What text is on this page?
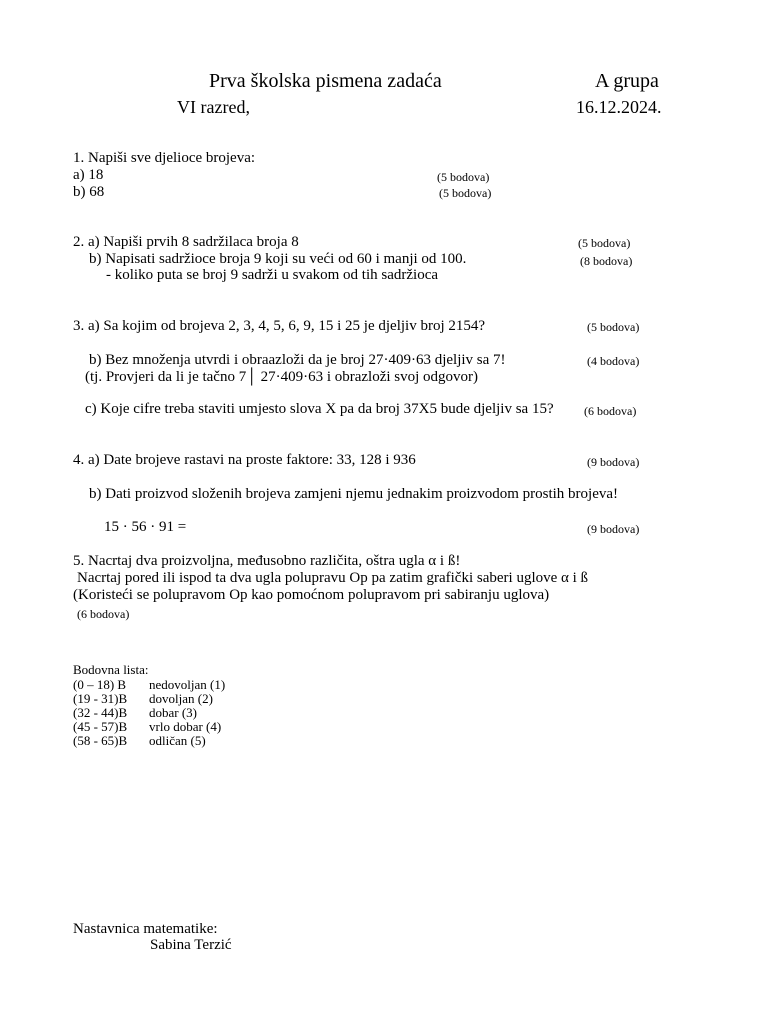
Prva školska pismena zadaća	A grupa
VI razred,	16.12.2024.
1. Napiši sve djelioce brojeva:
a) 18	(5 bodova)
b) 68	(5 bodova)
2. a) Napiši prvih 8 sadržilaca broja 8	(5 bodova)
b) Napisati sadržioce broja 9 koji su veći od 60 i manji od 100.	(8 bodova)
- koliko puta se broj 9 sadrži u svakom od tih sadržioca
3. a) Sa kojim od brojeva 2, 3, 4, 5, 6, 9, 15 i 25 je djeljiv broj 2154?	(5 bodova)
b) Bez množenja utvrdi i obraazloži da je broj 27·409·63 djeljiv sa 7!	(4 bodova)
(tj. Provjeri da li je tačno 7│ 27·409·63 i obrazloži svoj odgovor)
c) Koje cifre treba staviti umjesto slova X pa da broj 37X5 bude djeljiv sa 15?	(6 bodova)
4. a) Date brojeve rastavi na proste faktore: 33, 128 i 936	(9 bodova)
b) Dati proizvod složenih brojeva zamjeni njemu jednakim proizvodom prostih brojeva!
15 · 56 · 91 =	(9 bodova)
5. Nacrtaj dva proizvoljna, međusobno različita, oštra ugla α i ß!
Nacrtaj pored ili ispod ta dva ugla polupravu Op pa zatim grafički saberi uglove α i ß
(Koristeći se polupravom Op kao pomoćnom polupravom pri sabiranju uglova)
(6 bodova)
Bodovna lista:
(0 – 18) B nedovoljan (1)
(19 - 31)B dovoljan (2)
(32 - 44)B dobar (3)
(45 - 57)B vrlo dobar (4)
(58 - 65)B odličan (5)
Nastavnica matematike:
Sabina Terzić
